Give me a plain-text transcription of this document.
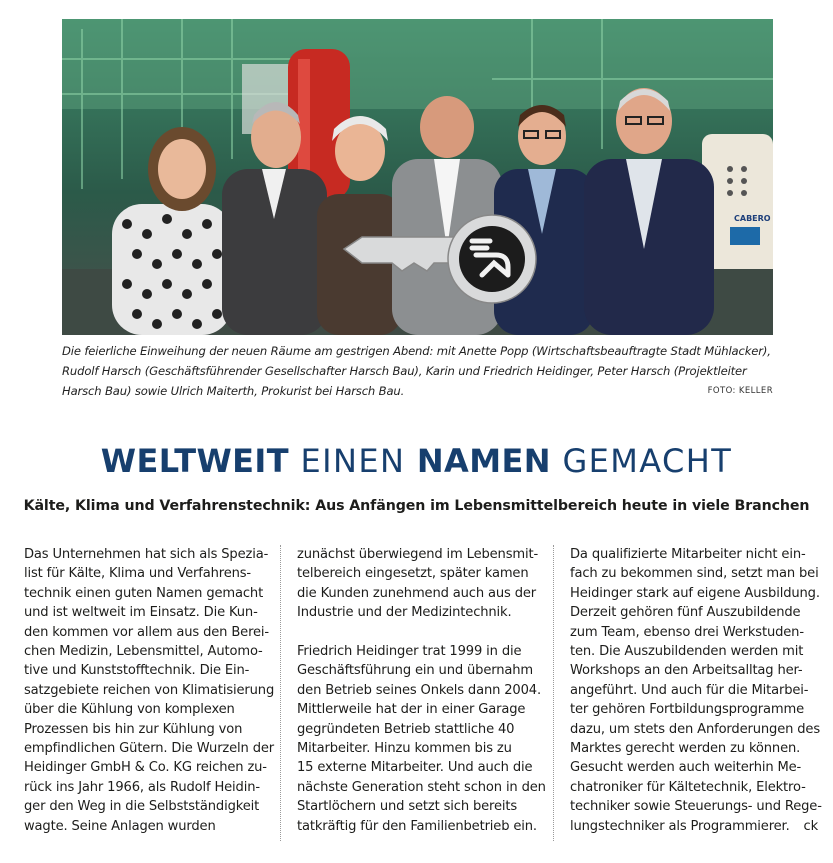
CABERO
Die feierliche Einweihung der neuen Räume am gestrigen Abend: mit Anette Popp (Wirtschaftsbeauftragte Stadt Mühlacker),
Rudolf Harsch (Geschäftsführender Gesellschafter Harsch Bau), Karin und Friedrich Heidinger, Peter Harsch (Projektleiter
Harsch Bau) sowie Ulrich Maiterth, Prokurist bei Harsch Bau.	FOTO: KELLER
WELTWEIT EINEN NAMEN GEMACHT
Kälte, Klima und Verfahrenstechnik: Aus Anfängen im Lebensmittelbereich heute in viele Branchen
Das Unternehmen hat sich als Spezia-
list für Kälte, Klima und Verfahrens-
technik einen guten Namen gemacht
und ist weltweit im Einsatz. Die Kun-
den kommen vor allem aus den Berei-
chen Medizin, Lebensmittel, Automo-
tive und Kunststofftechnik. Die Ein-
satzgebiete reichen von Klimatisierung
über die Kühlung von komplexen
Prozessen bis hin zur Kühlung von
empfindlichen Gütern. Die Wurzeln der
Heidinger GmbH & Co. KG reichen zu-
rück ins Jahr 1966, als Rudolf Heidin-
ger den Weg in die Selbstständigkeit
wagte. Seine Anlagen wurden
zunächst überwiegend im Lebensmit-
telbereich eingesetzt, später kamen
die Kunden zunehmend auch aus der
Industrie und der Medizintechnik.
Friedrich Heidinger trat 1999 in die
Geschäftsführung ein und übernahm
den Betrieb seines Onkels dann 2004.
Mittlerweile hat der in einer Garage
gegründeten Betrieb stattliche 40
Mitarbeiter. Hinzu kommen bis zu
15 externe Mitarbeiter. Und auch die
nächste Generation steht schon in den
Startlöchern und setzt sich bereits
tatkräftig für den Familienbetrieb ein.
Da qualifizierte Mitarbeiter nicht ein-
fach zu bekommen sind, setzt man bei
Heidinger stark auf eigene Ausbildung.
Derzeit gehören fünf Auszubildende
zum Team, ebenso drei Werkstuden-
ten. Die Auszubildenden werden mit
Workshops an den Arbeitsalltag her-
angeführt. Und auch für die Mitarbei-
ter gehören Fortbildungsprogramme
dazu, um stets den Anforderungen des
Marktes gerecht werden zu können.
Gesucht werden auch weiterhin Me-
chatroniker für Kältetechnik, Elektro-
techniker sowie Steuerungs- und Rege-
lungstechniker als Programmierer. ck
